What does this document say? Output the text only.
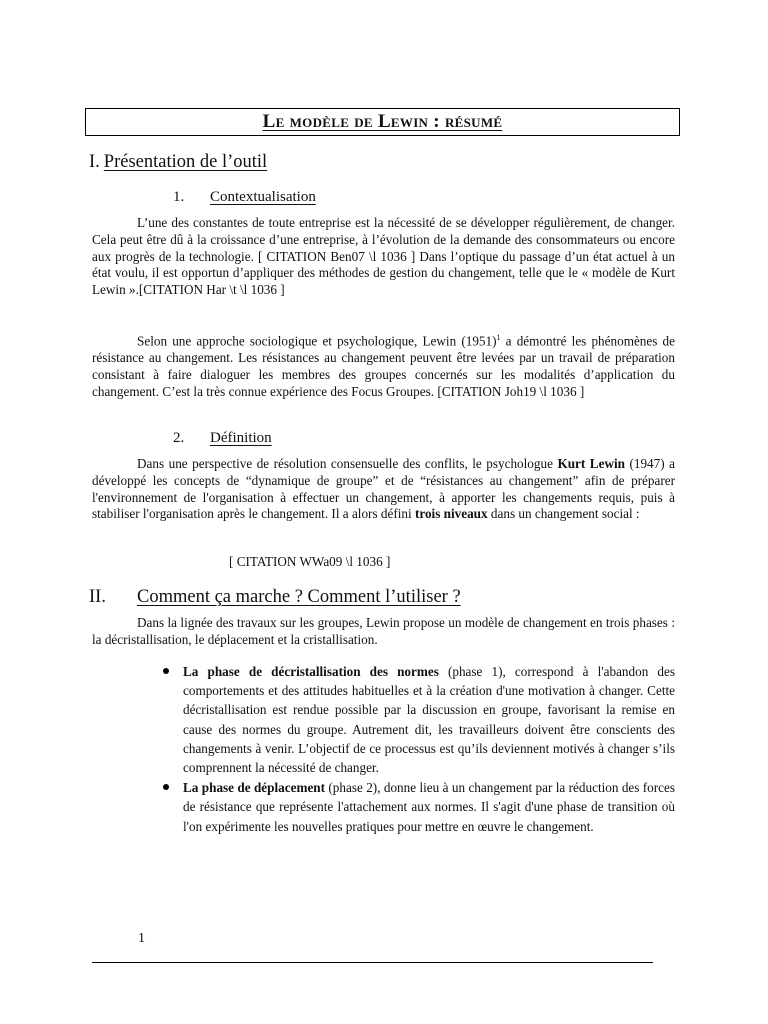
Le modèle de Lewin : résumé
I. Présentation de l’outil
1. Contextualisation

L’une des constantes de toute entreprise est la nécessité de se développer régulièrement, de changer. Cela peut être dû à la croissance d’une entreprise, à l’évolution de la demande des consommateurs ou encore aux progrès de la technologie. [ CITATION Ben07 \l 1036 ] Dans l’optique du passage d’un état actuel à un état voulu, il est opportun d’appliquer des méthodes de gestion du changement, telle que le « modèle de Kurt Lewin ».[CITATION Har \t \l 1036 ]

Selon une approche sociologique et psychologique, Lewin $(1951)^1$ a démontré les phénomènes de résistance au changement. Les résistances au changement peuvent être levées par un travail de préparation consistant à faire dialoguer les membres des groupes concernés sur les modalités d’application du changement. C’est la très connue expérience des Focus Groupes. [CITATION Joh19 \l 1036 ]

2. Définition

Dans une perspective de résolution consensuelle des conflits, le psychologue Kurt Lewin (1947) a développé les concepts de “dynamique de groupe” et de “résistances au changement” afin de préparer l'environnement de l'organisation à effectuer un changement, à apporter les changements requis, puis à stabiliser l'organisation après le changement. Il a alors défini trois niveaux dans un changement social :

[ CITATION WWa09 \l 1036 ]
II. Comment ça marche ? Comment l’utiliser ?

Dans la lignée des travaux sur les groupes, Lewin propose un modèle de changement en trois phases : la décristallisation, le déplacement et la cristallisation.

La phase de décristallisation des normes (phase 1), correspond à l'abandon des comportements et des attitudes habituelles et à la création d'une motivation à changer. Cette décristallisation est rendue possible par la discussion en groupe, favorisant la remise en cause des normes du groupe. Autrement dit, les travailleurs doivent être conscients des changements à venir. L’objectif de ce processus est qu’ils deviennent motivés à changer s’ils comprennent la nécessité de changer.
La phase de déplacement (phase 2), donne lieu à un changement par la réduction des forces de résistance que représente l'attachement aux normes. Il s'agit d'une phase de transition où l'on expérimente les nouvelles pratiques pour mettre en œuvre le changement.
1
